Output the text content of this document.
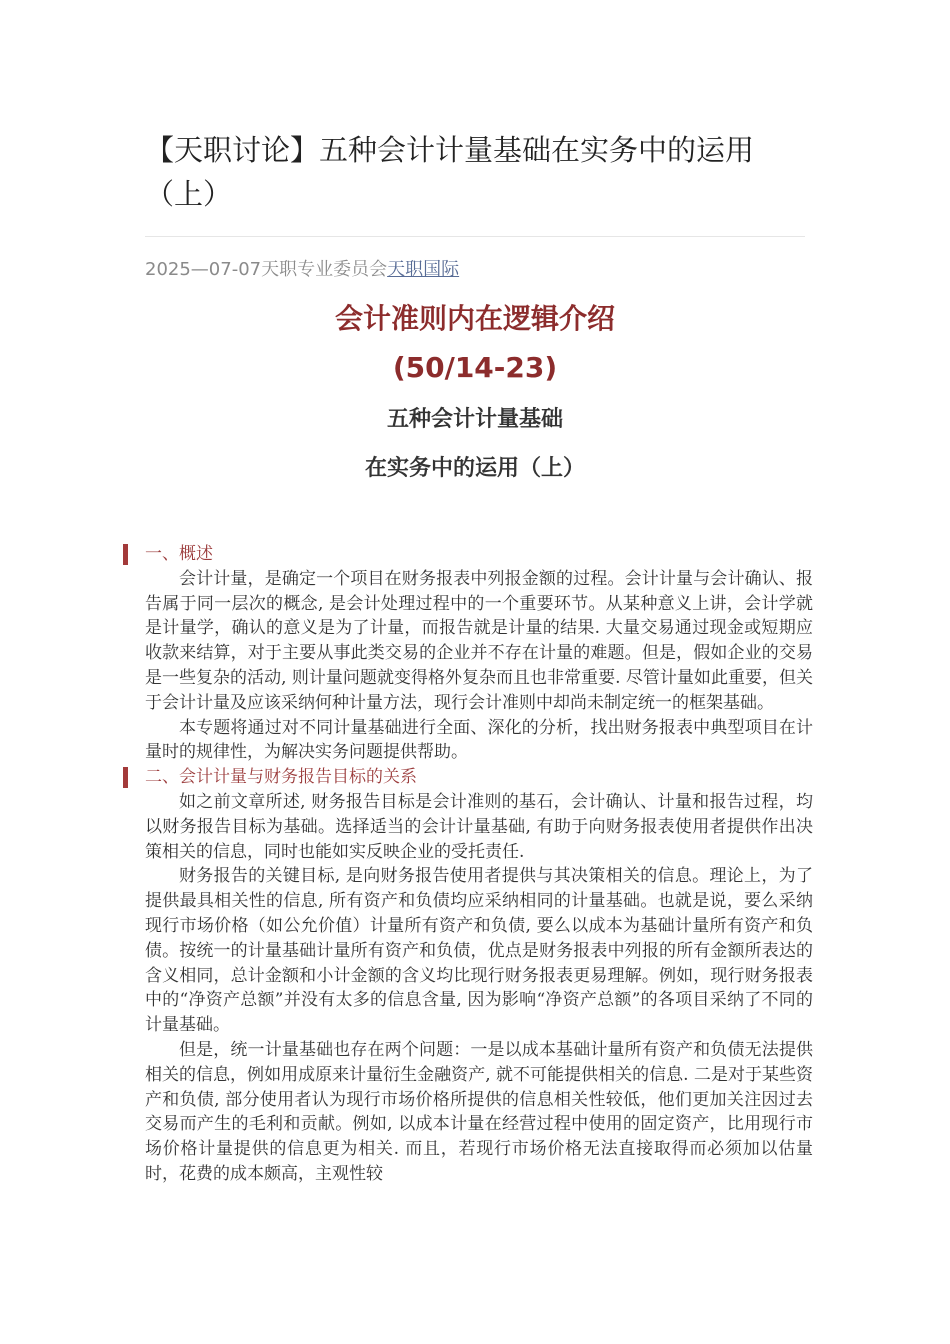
【天职讨论】五种会计计量基础在实务中的运用（上）
2025—07-07天职专业委员会天职国际
会计准则内在逻辑介绍
(50/14-23)
五种会计计量基础
在实务中的运用（上）
一、概述

会计计量，是确定一个项目在财务报表中列报金额的过程。会计计量与会计确认、报告属于同一层次的概念, 是会计处理过程中的一个重要环节。从某种意义上讲，会计学就是计量学，确认的意义是为了计量，而报告就是计量的结果. 大量交易通过现金或短期应收款来结算，对于主要从事此类交易的企业并不存在计量的难题。但是，假如企业的交易是一些复杂的活动, 则计量问题就变得格外复杂而且也非常重要. 尽管计量如此重要，但关于会计计量及应该采纳何种计量方法，现行会计准则中却尚未制定统一的框架基础。

本专题将通过对不同计量基础进行全面、深化的分析，找出财务报表中典型项目在计量时的规律性，为解决实务问题提供帮助。

二、会计计量与财务报告目标的关系

如之前文章所述, 财务报告目标是会计准则的基石，会计确认、计量和报告过程，均以财务报告目标为基础。选择适当的会计计量基础, 有助于向财务报表使用者提供作出决策相关的信息，同时也能如实反映企业的受托责任.

财务报告的关键目标, 是向财务报告使用者提供与其决策相关的信息。理论上，为了提供最具相关性的信息, 所有资产和负债均应采纳相同的计量基础。也就是说，要么采纳现行市场价格（如公允价值）计量所有资产和负债, 要么以成本为基础计量所有资产和负债。按统一的计量基础计量所有资产和负债，优点是财务报表中列报的所有金额所表达的含义相同，总计金额和小计金额的含义均比现行财务报表更易理解。例如，现行财务报表中的“净资产总额”并没有太多的信息含量, 因为影响“净资产总额”的各项目采纳了不同的计量基础。

但是，统一计量基础也存在两个问题：一是以成本基础计量所有资产和负债无法提供相关的信息，例如用成原来计量衍生金融资产, 就不可能提供相关的信息. 二是对于某些资产和负债, 部分使用者认为现行市场价格所提供的信息相关性较低，他们更加关注因过去交易而产生的毛利和贡献。例如, 以成本计量在经营过程中使用的固定资产，比用现行市场价格计量提供的信息更为相关. 而且，若现行市场价格无法直接取得而必须加以估量时，花费的成本颇高，主观性较
